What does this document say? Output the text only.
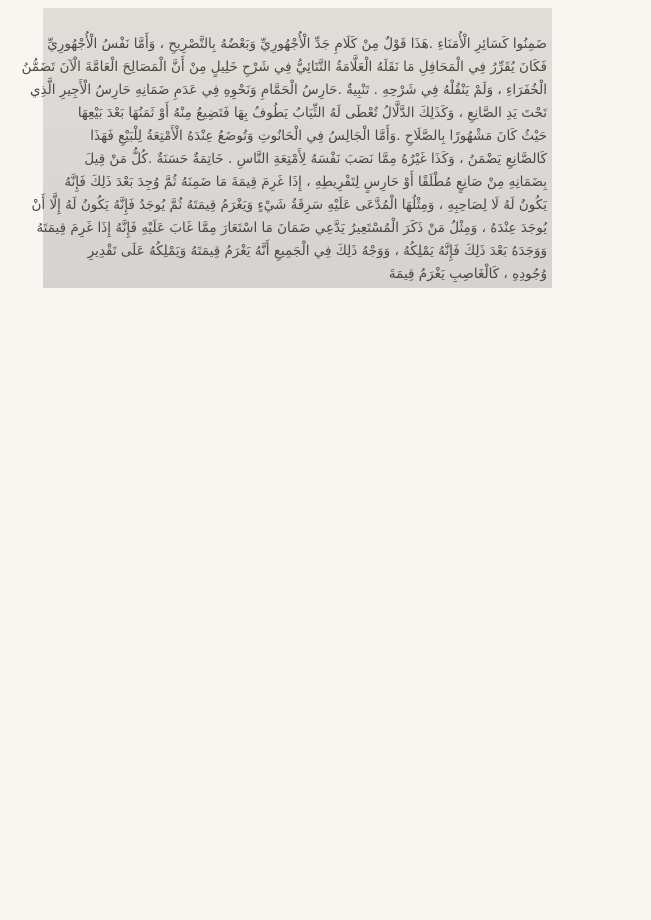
ضَمِنُوا كَسَائِرِ الْأُمَنَاءِ .هَذَا قَوْلٌ مِنْ كَلَامِ جَدِّ الْأُجْهُورِيِّ وَبَعْضُهُ بِالتَّصْرِيحِ ، وَأَمَّا نَفْسُ الْأُجْهُورِيِّ
فَكَانَ يُقَرِّرُ فِي الْمَحَافِلِ مَا نَقَلَهُ الْعَلَّامَةُ التَّتَائِيُّ فِي شَرْحِ خَلِيلٍ مِنْ أَنَّ الْمَصَالِحَ الْعَامَّةَ الْآنَ تَضَمُّنُ
الْخُفَرَاءِ ، وَلَمْ يَنْقُلْهُ فِي شَرْحِهِ . تَنْبِيةٌ .حَارِسُ الْحَمَّامِ وَنَحْوِهِ فِي عَدَمِ ضَمَانِهِ حَارِسُ الْأَجِيرِ الَّذِي
تَحْتَ يَدِ الصَّانِعِ ، وَكَذَلِكَ الدَّلَّالُ تُعْطَى لَهُ الثِّيَابُ يَطُوفُ بِهَا فَتَضِيعُ مِنْهُ أَوْ ثَمَنُهَا بَعْدَ بَيْعِهَا
حَيْثُ كَانَ مَشْهُورًا بِالصَّلَاحِ .وَأَمَّا الْجَالِسُ فِي الْحَانُوتِ وَتُوضَعُ عِنْدَهُ الْأَمْتِعَةُ لِلْبَيْعِ فَهَذَا
كَالصَّانِعِ يَضْمَنُ ، وَكَذَا غَيْرُهُ مِمَّا نَصَبَ نَفْسَهُ لِأَمْتِعَةِ النَّاسِ . خَاتِمَةٌ حَسَنَةٌ .كُلُّ مَنْ قِيلَ
بِضَمَانِهِ مِنْ صَانِعٍ مُطْلَقًا أَوْ حَارِسٍ لِتَفْرِيطِهِ ، إِذَا غَرِمَ قِيمَةَ مَا ضَمِنَهُ ثُمَّ وُجِدَ بَعْدَ ذَلِكَ فَإِنَّهُ
يَكُونُ لَهُ لَا لِصَاحِبِهِ ، وَمِثْلُهَا الْمُدَّعَى عَلَيْهِ سَرِقَةُ شَيْءٍ وَيَغْرَمُ قِيمَتَهُ ثُمَّ يُوجَدُ فَإِنَّهُ يَكُونُ لَهُ إِلَّا أَنْ
يُوجَدَ عِنْدَهُ ، وَمِثْلُ مَنْ ذَكَرَ الْمُسْتَعِيرُ يَدَّعِي ضَمَانَ مَا اسْتَعَارَ مِمَّا غَابَ عَلَيْهِ فَإِنَّهُ إِذَا غَرِمَ قِيمَتَهُ
وَوَجَدَهُ بَعْدَ ذَلِكَ فَإِنَّهُ يَمْلِكُهُ ، وَوَجْهُ ذَلِكَ فِي الْجَمِيعِ أَنَّهُ يَغْرَمُ قِيمَتَهُ وَيَمْلِكُهُ عَلَى تَقْدِيرِ
وُجُودِهِ ، كَالْغَاصِبِ يَغْرَمُ قِيمَةَ
